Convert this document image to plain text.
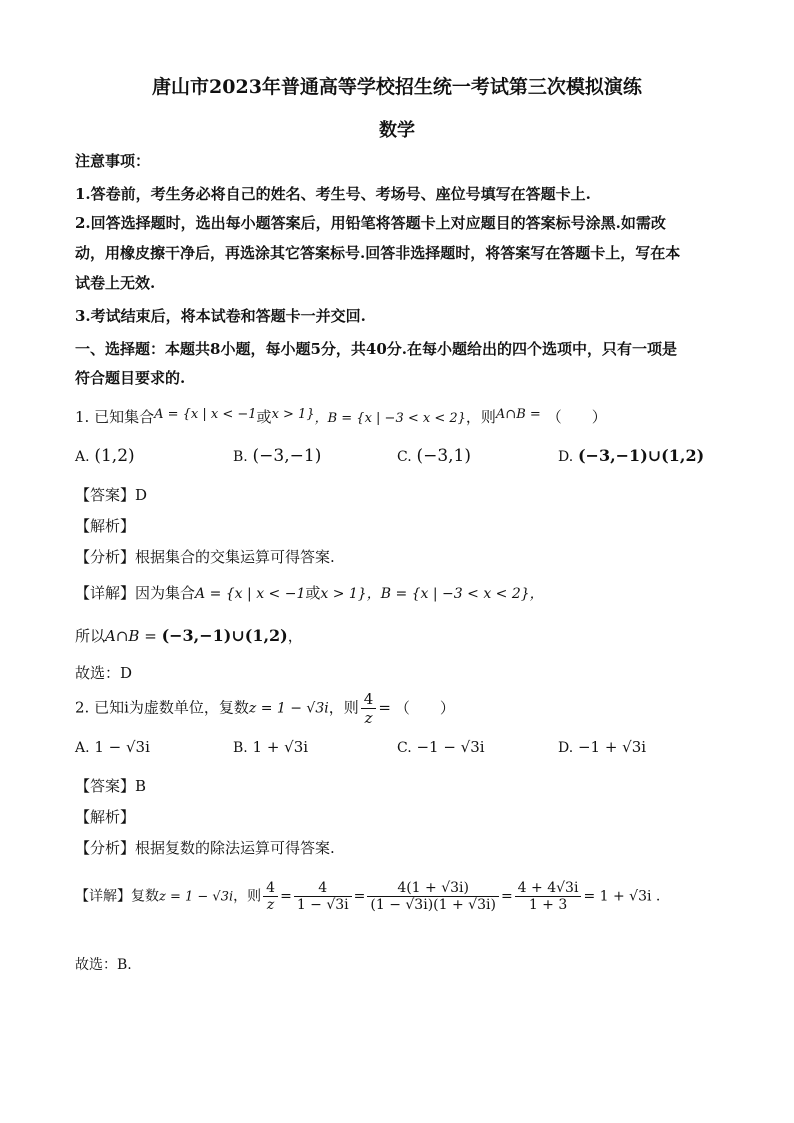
唐山市2023年普通高等学校招生统一考试第三次模拟演练
数学
注意事项：
1.答卷前，考生务必将自己的姓名、考生号、考场号、座位号填写在答题卡上.
2.回答选择题时，选出每小题答案后，用铅笔将答题卡上对应题目的答案标号涂黑.如需改
动，用橡皮擦干净后，再选涂其它答案标号.回答非选择题时，将答案写在答题卡上，写在本
试卷上无效.
3.考试结束后，将本试卷和答题卡一并交回.
一、选择题：本题共8小题，每小题5分，共40分.在每小题给出的四个选项中，只有一项是
符合题目要求的.
1. 已知集合A = {x | x < −1或x > 1}，B = {x | −3 < x < 2}，则A∩B = （　　）
A. (1,2)	B. (−3,−1)	C. (−3,1)	D. (−3,−1)∪(1,2)
【答案】D
【解析】
【分析】根据集合的交集运算可得答案.
【详解】因为集合A = {x | x < −1或x > 1}，B = {x | −3 < x < 2}，
所以A∩B = (−3,−1)∪(1,2)，
故选：D
2. 已知i为虚数单位，复数z = 1 − √3i，则 $\frac{4}{z}$ = （　　）
A. 1 − √3i	B. 1 + √3i	C. −1 − √3i	D. −1 + √3i
【答案】B
【解析】
【分析】根据复数的除法运算可得答案.
【详解】复数z = 1 − √3i，则 $\frac{4}{z} = \frac{4}{1 - √3i} = \frac{4(1 + √3i)}{(1 - √3i)(1 + √3i)} = \frac{4 + 4√3i}{1 + 3} = 1 + √3i$ .
故选：B.
